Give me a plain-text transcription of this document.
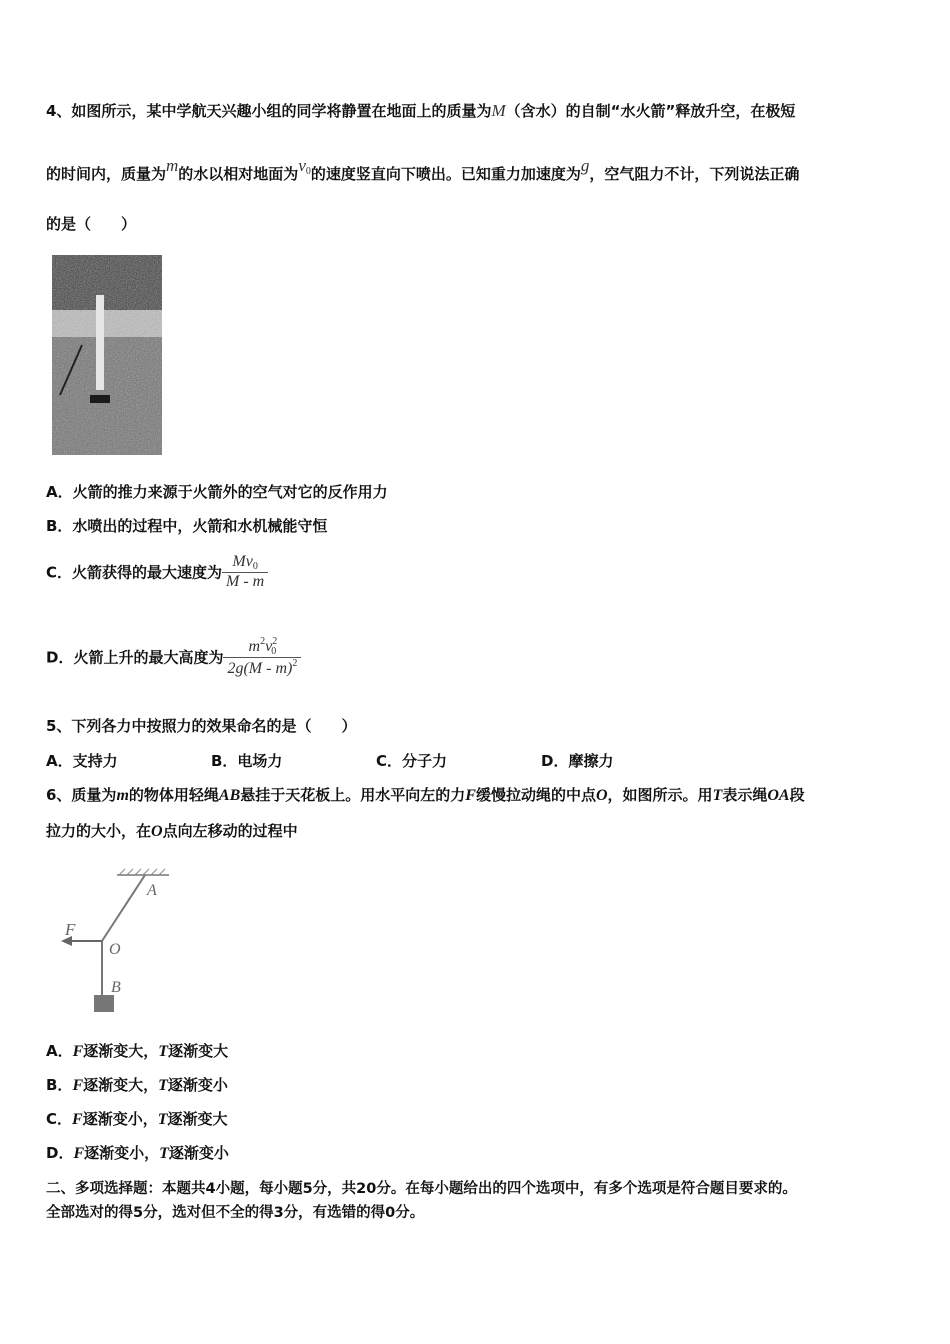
4、如图所示，某中学航天兴趣小组的同学将静置在地面上的质量为M（含水）的自制“水火箭”释放升空，在极短
的时间内，质量为m的水以相对地面为$v_0$的速度竖直向下喷出。已知重力加速度为g，空气阻力不计，下列说法正确
的是（　　）
A．火箭的推力来源于火箭外的空气对它的反作用力
B．水喷出的过程中，火箭和水机械能守恒
C．火箭获得的最大速度为 $\frac{Mv_0}{M - m}$
D．火箭上升的最大高度为 $\frac{m^2v^2_0}{2g(M - m)^2}$
5、下列各力中按照力的效果命名的是（　　）
A．支持力	B．电场力	C．分子力	D．摩擦力
6、质量为m的物体用轻绳AB悬挂于天花板上。用水平向左的力F缓慢拉动绳的中点O，如图所示。用T表示绳OA段
拉力的大小，在O点向左移动的过程中
A
O
B
F
A．F逐渐变大，T逐渐变大
B．F逐渐变大，T逐渐变小
C．F逐渐变小，T逐渐变大
D．F逐渐变小，T逐渐变小
二、多项选择题：本题共4小题，每小题5分，共20分。在每小题给出的四个选项中，有多个选项是符合题目要求的。
全部选对的得5分，选对但不全的得3分，有选错的得0分。
